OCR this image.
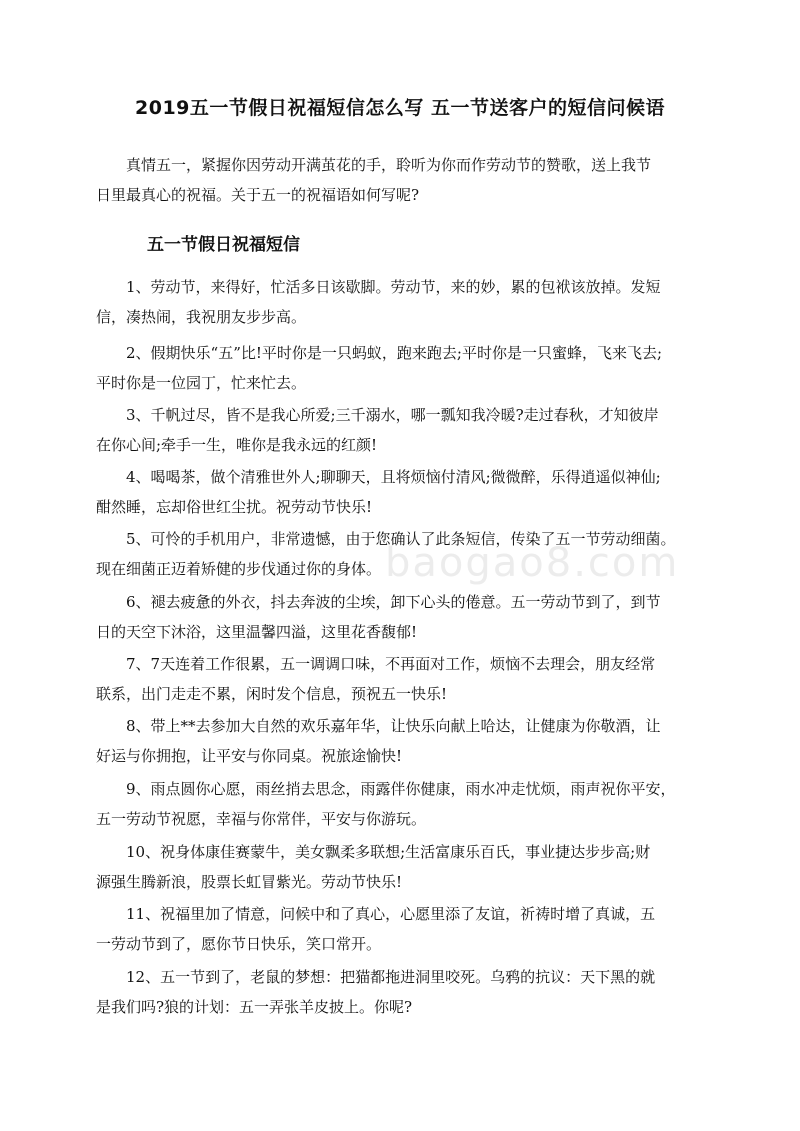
2019五一节假日祝福短信怎么写 五一节送客户的短信问候语

真情五一，紧握你因劳动开满茧花的手，聆听为你而作劳动节的赞歌，送上我节
日里最真心的祝福。关于五一的祝福语如何写呢?

五一节假日祝福短信

1、劳动节，来得好，忙活多日该歇脚。劳动节，来的妙，累的包袱该放掉。发短
信，凑热闹，我祝朋友步步高。

2、假期快乐“五”比!平时你是一只蚂蚁，跑来跑去;平时你是一只蜜蜂，飞来飞去;
平时你是一位园丁，忙来忙去。

3、千帆过尽，皆不是我心所爱;三千溺水，哪一瓢知我冷暖?走过春秋，才知彼岸
在你心间;牵手一生，唯你是我永远的红颜!

4、喝喝茶，做个清雅世外人;聊聊天，且将烦恼付清风;微微醉，乐得逍遥似神仙;
酣然睡，忘却俗世红尘扰。祝劳动节快乐!

5、可怜的手机用户，非常遗憾，由于您确认了此条短信，传染了五一节劳动细菌。
现在细菌正迈着矫健的步伐通过你的身体。

6、褪去疲惫的外衣，抖去奔波的尘埃，卸下心头的倦意。五一劳动节到了，到节
日的天空下沐浴，这里温馨四溢，这里花香馥郁!

7、7天连着工作很累，五一调调口味，不再面对工作，烦恼不去理会，朋友经常
联系，出门走走不累，闲时发个信息，预祝五一快乐!

8、带上**去参加大自然的欢乐嘉年华，让快乐向献上哈达，让健康为你敬酒，让
好运与你拥抱，让平安与你同桌。祝旅途愉快!

9、雨点圆你心愿，雨丝捎去思念，雨露伴你健康，雨水冲走忧烦，雨声祝你平安，
五一劳动节祝愿，幸福与你常伴，平安与你游玩。

10、祝身体康佳赛蒙牛，美女飘柔多联想;生活富康乐百氏，事业捷达步步高;财
源强生腾新浪，股票长虹冒紫光。劳动节快乐!

11、祝福里加了情意，问候中和了真心，心愿里添了友谊，祈祷时增了真诚，五
一劳动节到了，愿你节日快乐，笑口常开。

12、五一节到了，老鼠的梦想：把猫都拖进洞里咬死。乌鸦的抗议：天下黑的就
是我们吗?狼的计划：五一弄张羊皮披上。你呢?

baogao8.com
